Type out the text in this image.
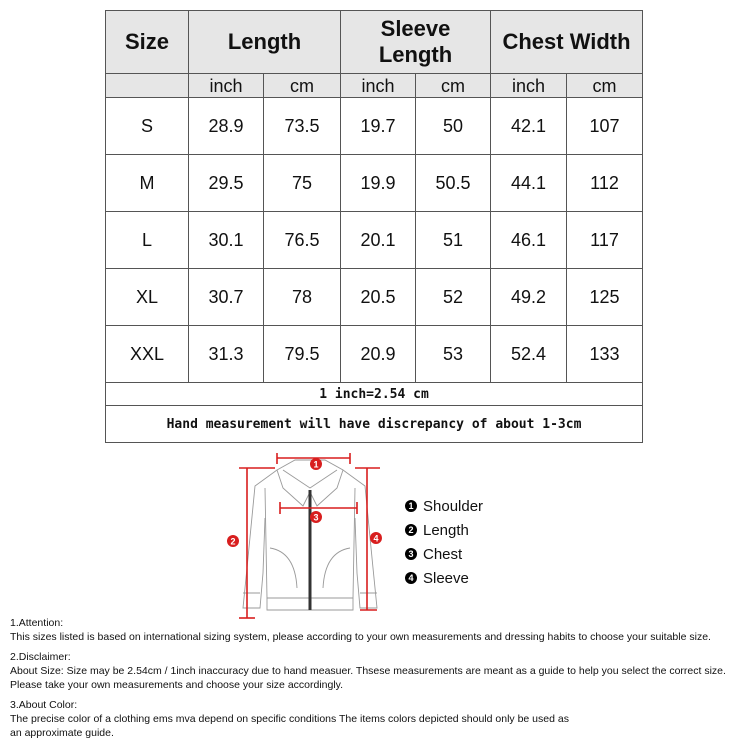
Size	Length		Sleeve Length		Chest Width	
	inch	cm	inch	cm	inch	cm
S	28.9	73.5	19.7	50	42.1	107
M	29.5	75	19.9	50.5	44.1	112
L	30.1	76.5	20.1	51	46.1	117
XL	30.7	78	20.5	52	49.2	125
XXL	31.3	79.5	20.9	53	52.4	133
1 inch=2.54 cm						
Hand measurement will have discrepancy of about 1-3cm						
1
2
3
4
1 Shoulder
2 Length
3 Chest
4 Sleeve
1.Attention:
This sizes listed is based on international sizing system, please according to your own measurements and dressing habits to choose your suitable size.
2.Disclaimer:
About Size: Size may be 2.54cm / 1inch inaccuracy due to hand measuer. Thsese measurements are meant as a guide to help you select the correct size.
Please take your own measurements and choose your size accordingly.
3.About Color:
The precise color of a clothing ems mva depend on specific conditions The items colors depicted should only be used as
an approximate guide.
